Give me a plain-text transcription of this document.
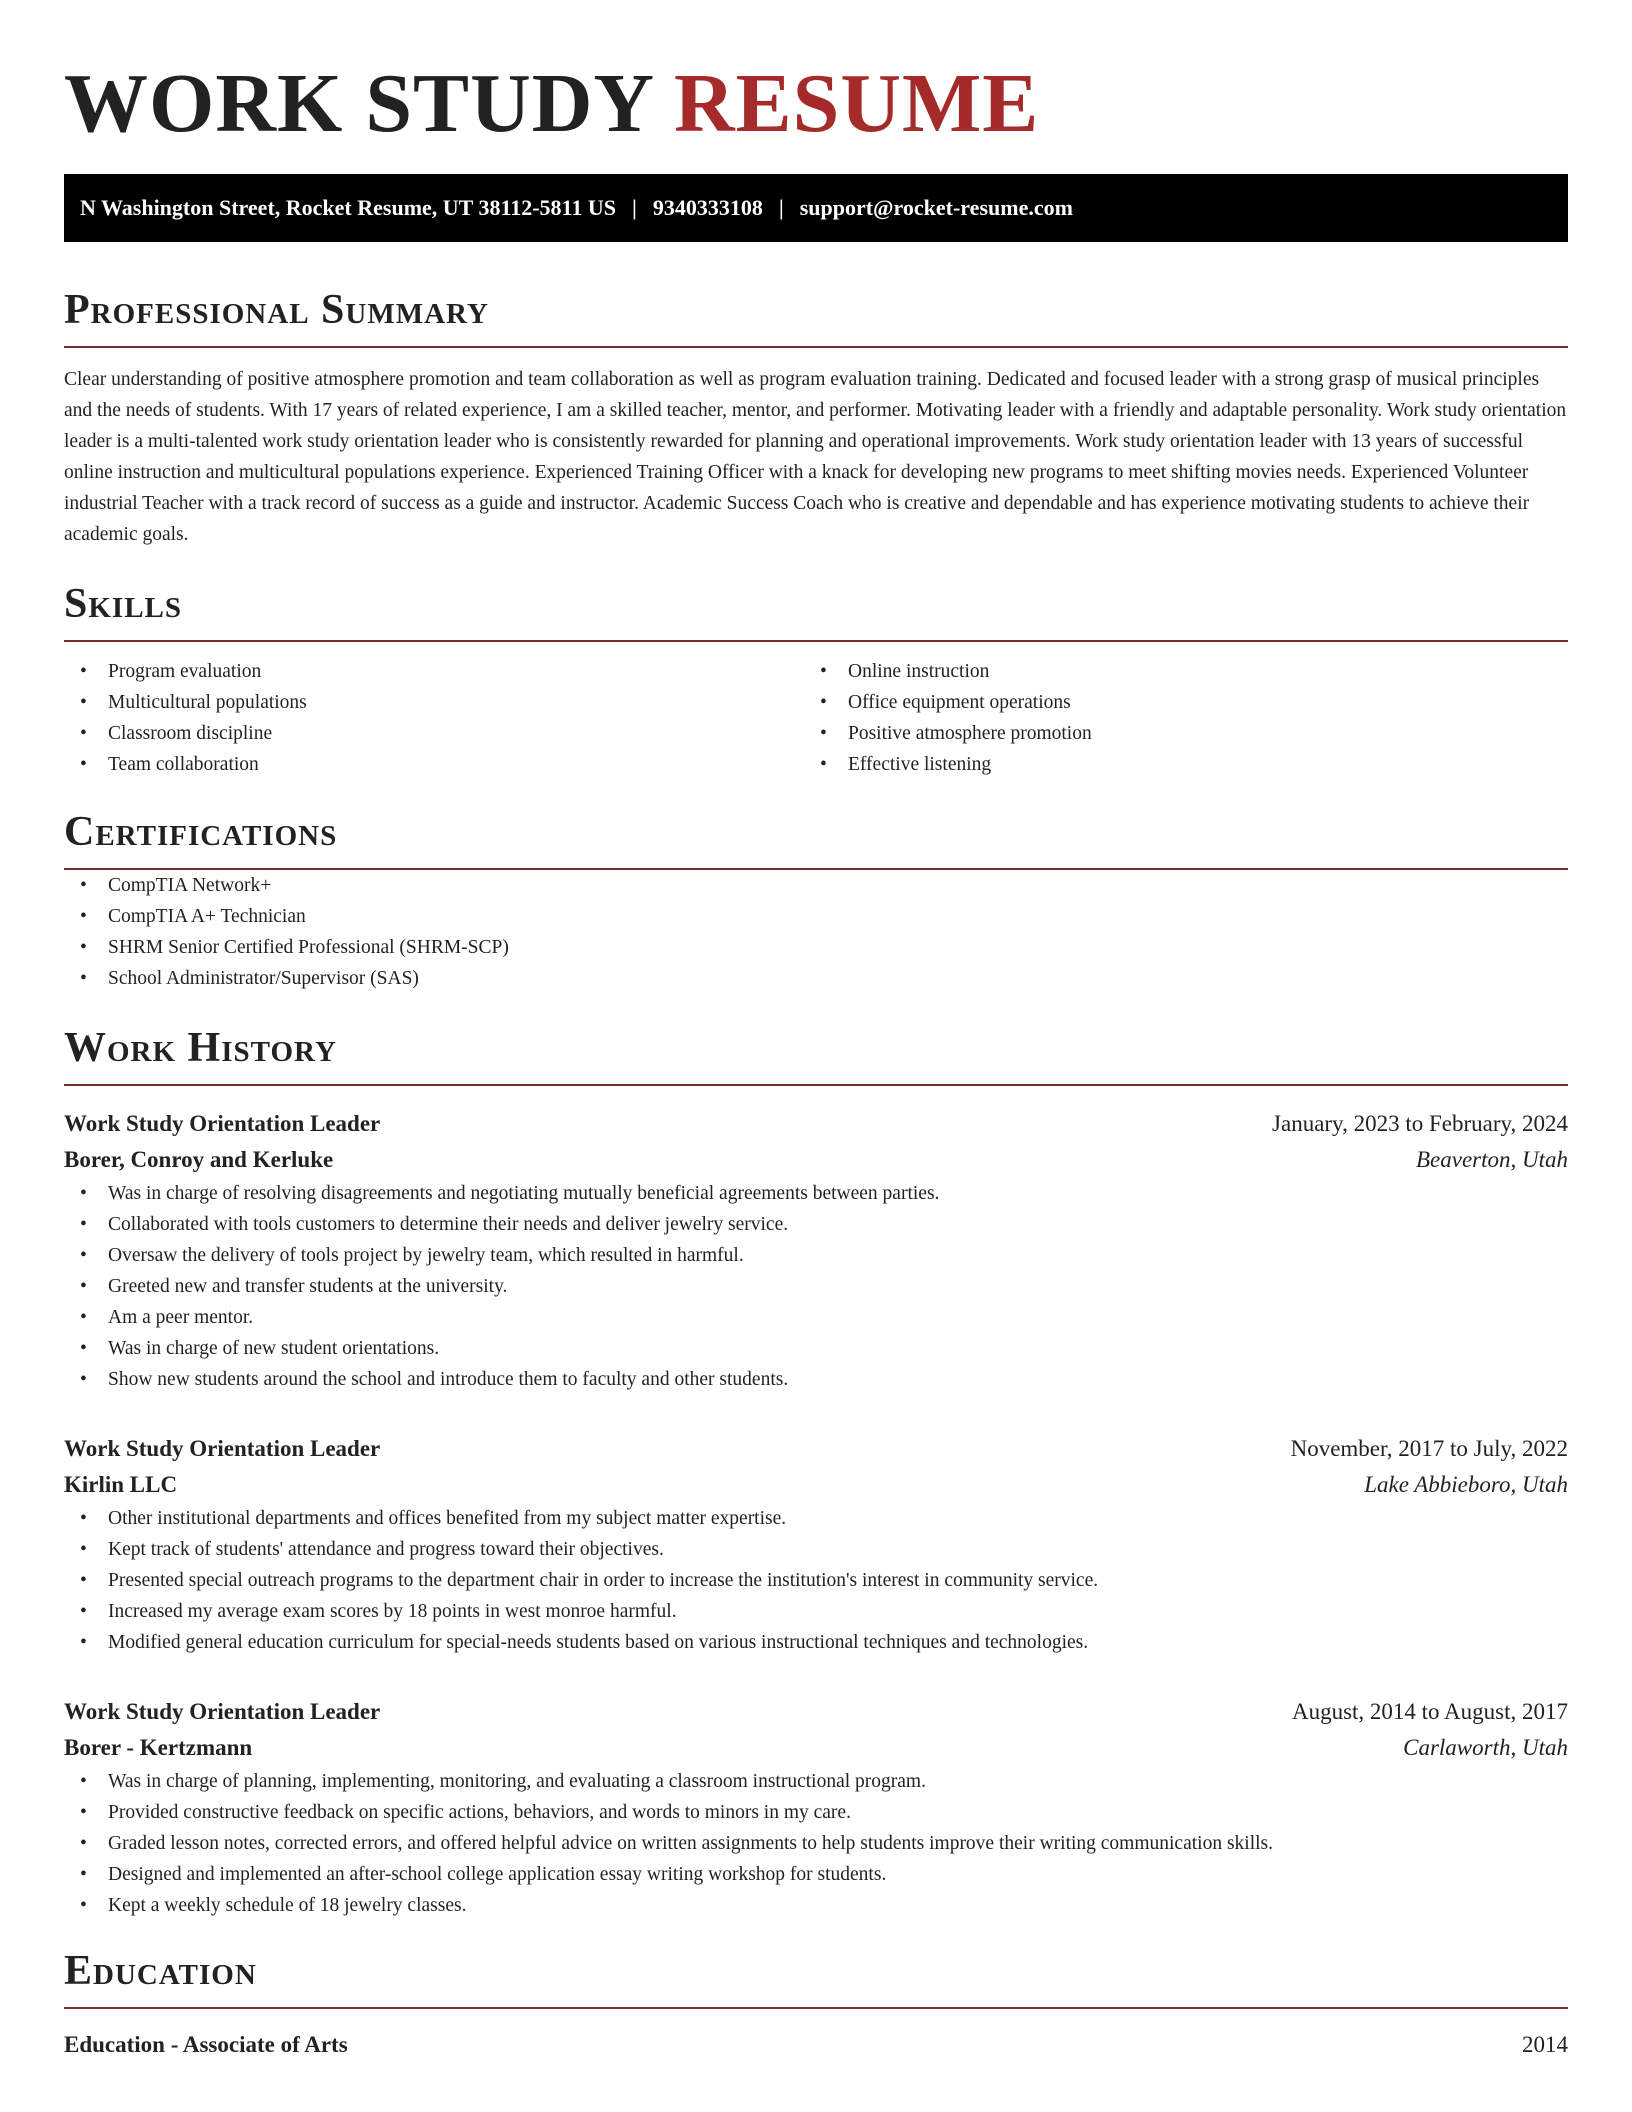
WORK STUDY RESUME
N Washington Street, Rocket Resume, UT 38112-5811 US | 9340333108 | support@rocket-resume.com
Professional Summary

Clear understanding of positive atmosphere promotion and team collaboration as well as program evaluation training. Dedicated and focused leader with a strong grasp of musical principles and the needs of students. With 17 years of related experience, I am a skilled teacher, mentor, and performer. Motivating leader with a friendly and adaptable personality. Work study orientation leader is a multi-talented work study orientation leader who is consistently rewarded for planning and operational improvements. Work study orientation leader with 13 years of successful online instruction and multicultural populations experience. Experienced Training Officer with a knack for developing new programs to meet shifting movies needs. Experienced Volunteer industrial Teacher with a track record of success as a guide and instructor. Academic Success Coach who is creative and dependable and has experience motivating students to achieve their academic goals.

Skills
• Program evaluation
• Multicultural populations
• Classroom discipline
• Team collaboration
• Online instruction
• Office equipment operations
• Positive atmosphere promotion
• Effective listening
Certifications
• CompTIA Network+
• CompTIA A+ Technician
• SHRM Senior Certified Professional (SHRM-SCP)
• School Administrator/Supervisor (SAS)
Work History
Work Study Orientation Leader	January, 2023 to February, 2024
Borer, Conroy and Kerluke	Beaverton, Utah
• Was in charge of resolving disagreements and negotiating mutually beneficial agreements between parties.
• Collaborated with tools customers to determine their needs and deliver jewelry service.
• Oversaw the delivery of tools project by jewelry team, which resulted in harmful.
• Greeted new and transfer students at the university.
• Am a peer mentor.
• Was in charge of new student orientations.
• Show new students around the school and introduce them to faculty and other students.
Work Study Orientation Leader	November, 2017 to July, 2022
Kirlin LLC	Lake Abbieboro, Utah
• Other institutional departments and offices benefited from my subject matter expertise.
• Kept track of students' attendance and progress toward their objectives.
• Presented special outreach programs to the department chair in order to increase the institution's interest in community service.
• Increased my average exam scores by 18 points in west monroe harmful.
• Modified general education curriculum for special-needs students based on various instructional techniques and technologies.
Work Study Orientation Leader	August, 2014 to August, 2017
Borer - Kertzmann	Carlaworth, Utah
• Was in charge of planning, implementing, monitoring, and evaluating a classroom instructional program.
• Provided constructive feedback on specific actions, behaviors, and words to minors in my care.
• Graded lesson notes, corrected errors, and offered helpful advice on written assignments to help students improve their writing communication skills.
• Designed and implemented an after-school college application essay writing workshop for students.
• Kept a weekly schedule of 18 jewelry classes.
Education
Education - Associate of Arts	2014
